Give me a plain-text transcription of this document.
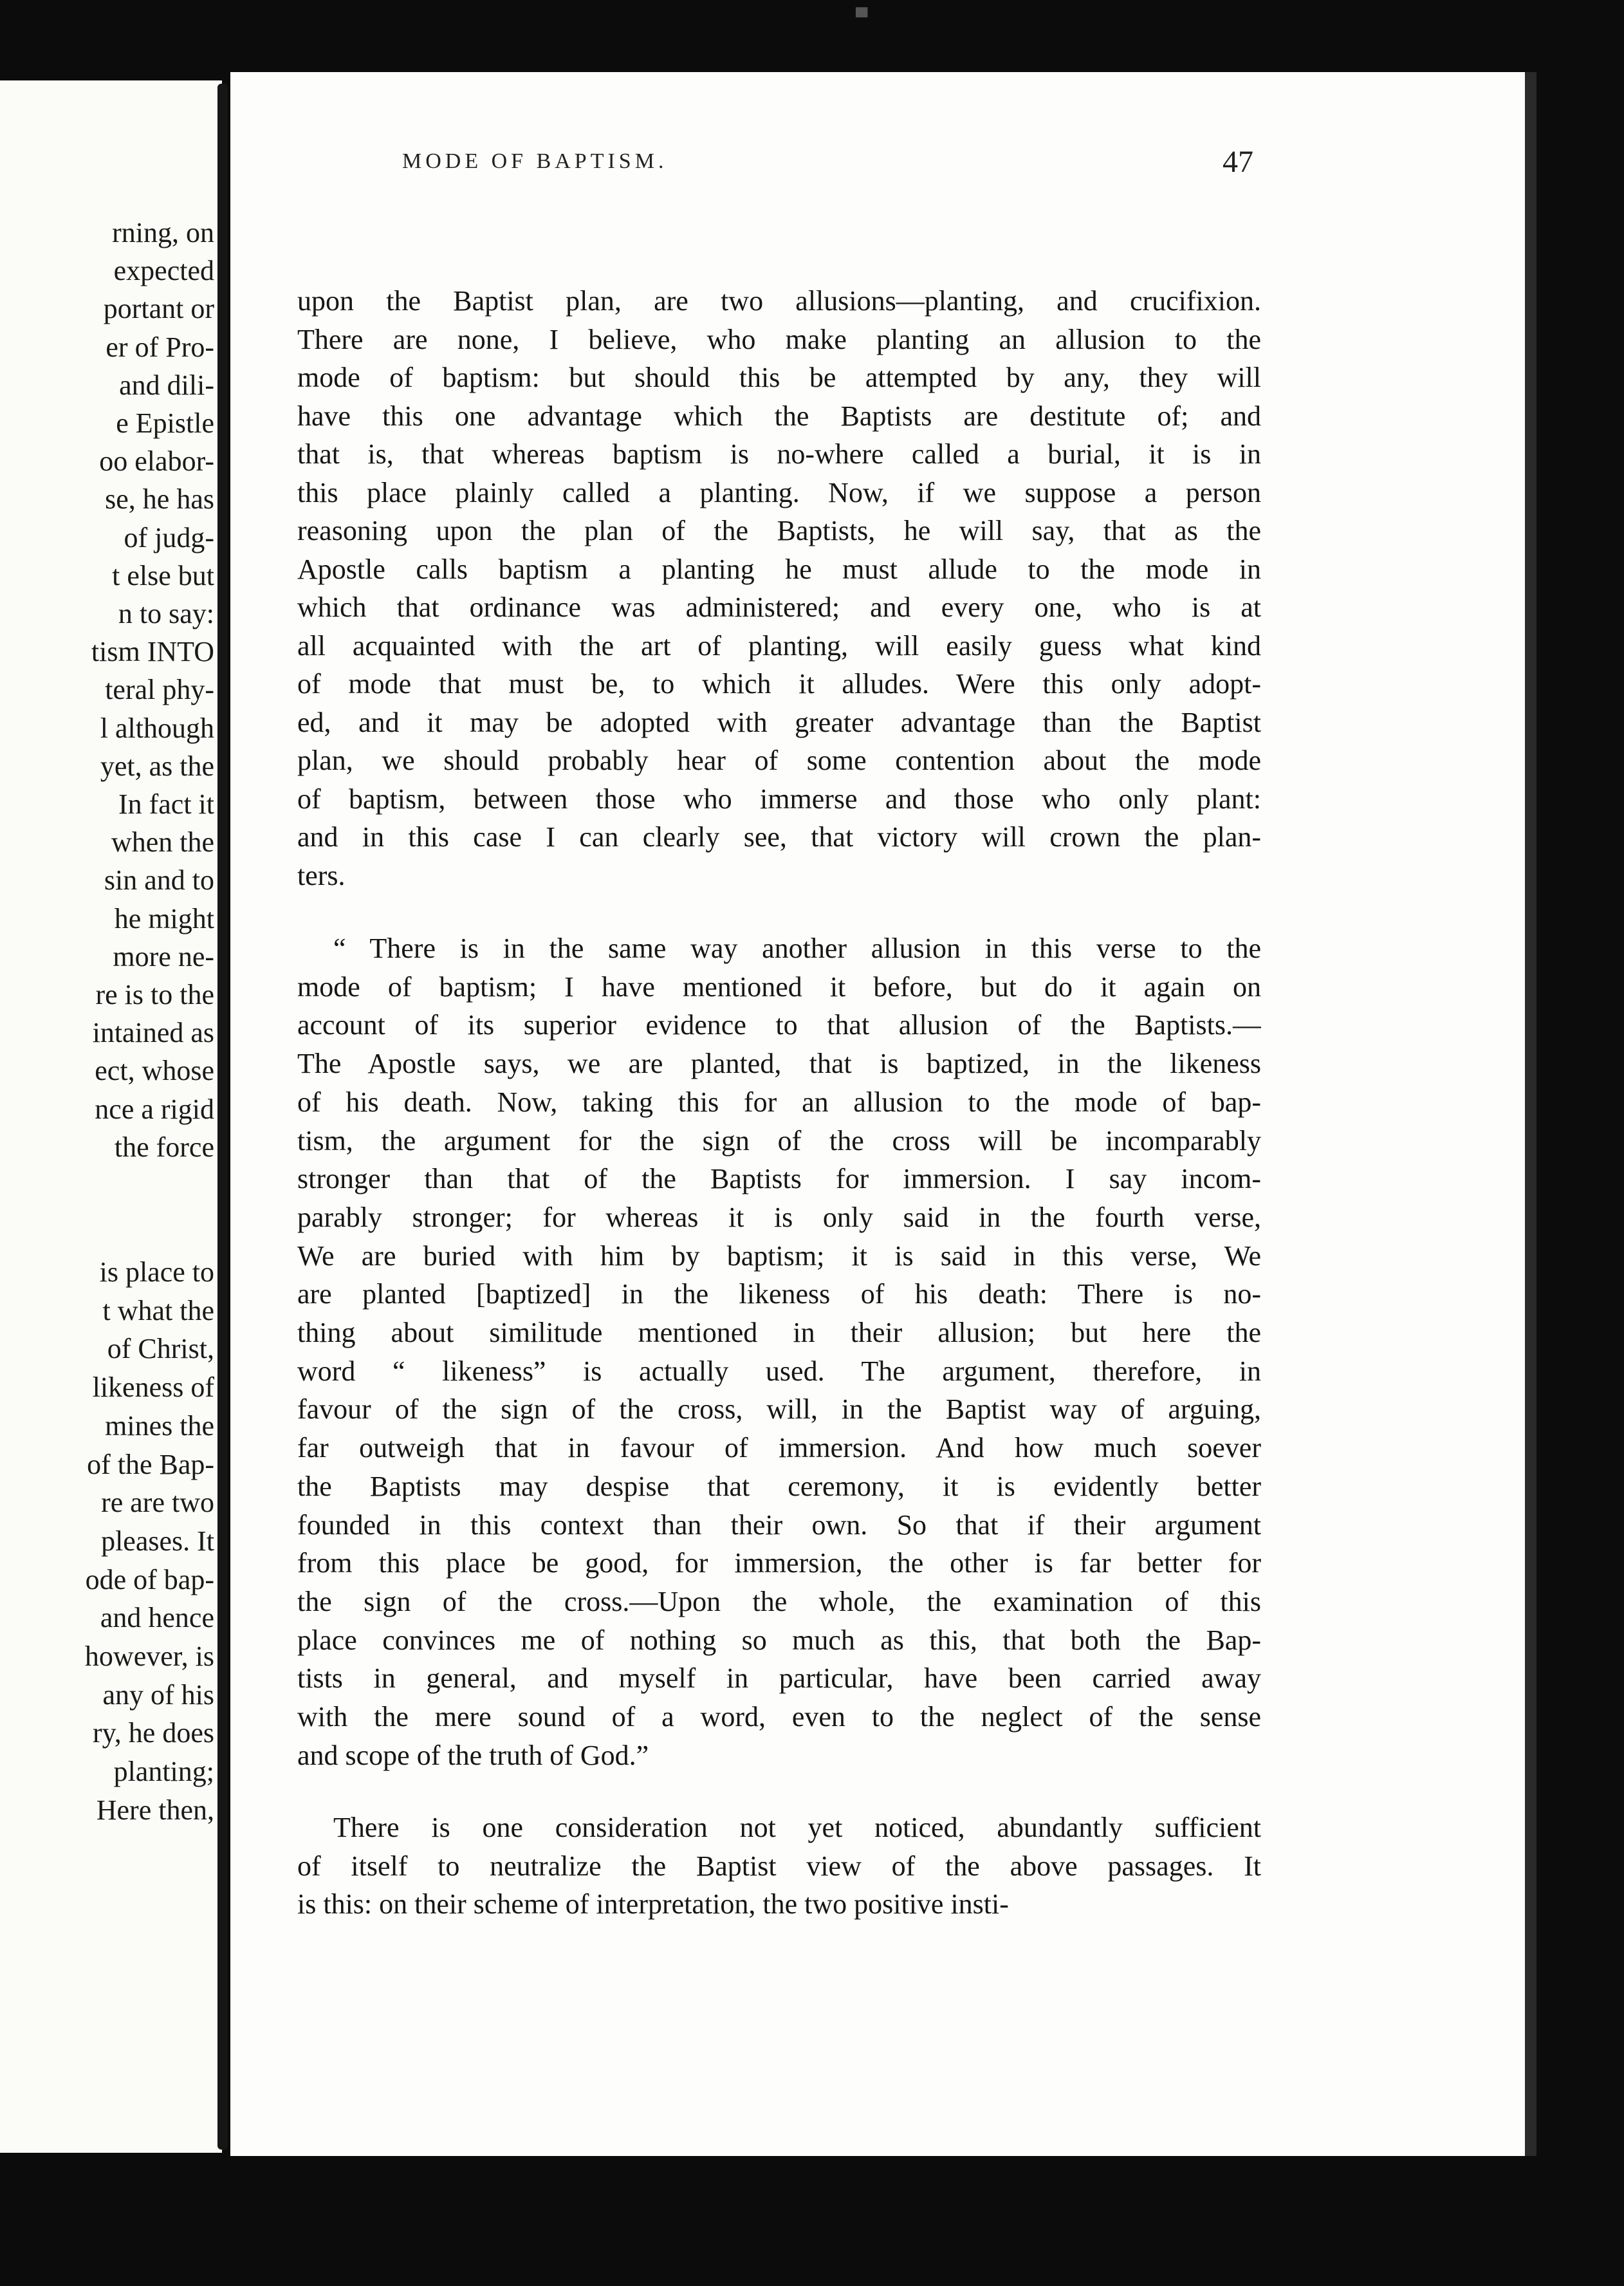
▀
rning, on
expected
portant or
er of Pro-
and dili-
e Epistle
oo elabor-
se, he has
of judg-
t else but
n to say:
tism INTO
teral phy-
l although
yet, as the
In fact it
when the
sin and to
he might
more ne-
re is to the
intained as
ect, whose
nce a rigid
the force
is place to
t what the
of Christ,
likeness of
mines the
of the Bap-
re are two
pleases. It
ode of bap-
and hence
however, is
any of his
ry, he does
planting;
Here then,
MODE OF BAPTISM.	47
upon the Baptist plan, are two allusions—planting, and crucifixion.
There are none, I believe, who make planting an allusion to the
mode of baptism: but should this be attempted by any, they will
have this one advantage which the Baptists are destitute of; and
that is, that whereas baptism is no-where called a burial, it is in
this place plainly called a planting. Now, if we suppose a person
reasoning upon the plan of the Baptists, he will say, that as the
Apostle calls baptism a planting he must allude to the mode in
which that ordinance was administered; and every one, who is at
all acquainted with the art of planting, will easily guess what kind
of mode that must be, to which it alludes. Were this only adopt-
ed, and it may be adopted with greater advantage than the Baptist
plan, we should probably hear of some contention about the mode
of baptism, between those who immerse and those who only plant:
and in this case I can clearly see, that victory will crown the plan-
ters.
“ There is in the same way another allusion in this verse to the
mode of baptism; I have mentioned it before, but do it again on
account of its superior evidence to that allusion of the Baptists.—
The Apostle says, we are planted, that is baptized, in the likeness
of his death. Now, taking this for an allusion to the mode of bap-
tism, the argument for the sign of the cross will be incomparably
stronger than that of the Baptists for immersion. I say incom-
parably stronger; for whereas it is only said in the fourth verse,
We are buried with him by baptism; it is said in this verse, We
are planted [baptized] in the likeness of his death: There is no-
thing about similitude mentioned in their allusion; but here the
word “ likeness” is actually used. The argument, therefore, in
favour of the sign of the cross, will, in the Baptist way of arguing,
far outweigh that in favour of immersion. And how much soever
the Baptists may despise that ceremony, it is evidently better
founded in this context than their own. So that if their argument
from this place be good, for immersion, the other is far better for
the sign of the cross.—Upon the whole, the examination of this
place convinces me of nothing so much as this, that both the Bap-
tists in general, and myself in particular, have been carried away
with the mere sound of a word, even to the neglect of the sense
and scope of the truth of God.”
There is one consideration not yet noticed, abundantly sufficient
of itself to neutralize the Baptist view of the above passages. It
is this: on their scheme of interpretation, the two positive insti-
